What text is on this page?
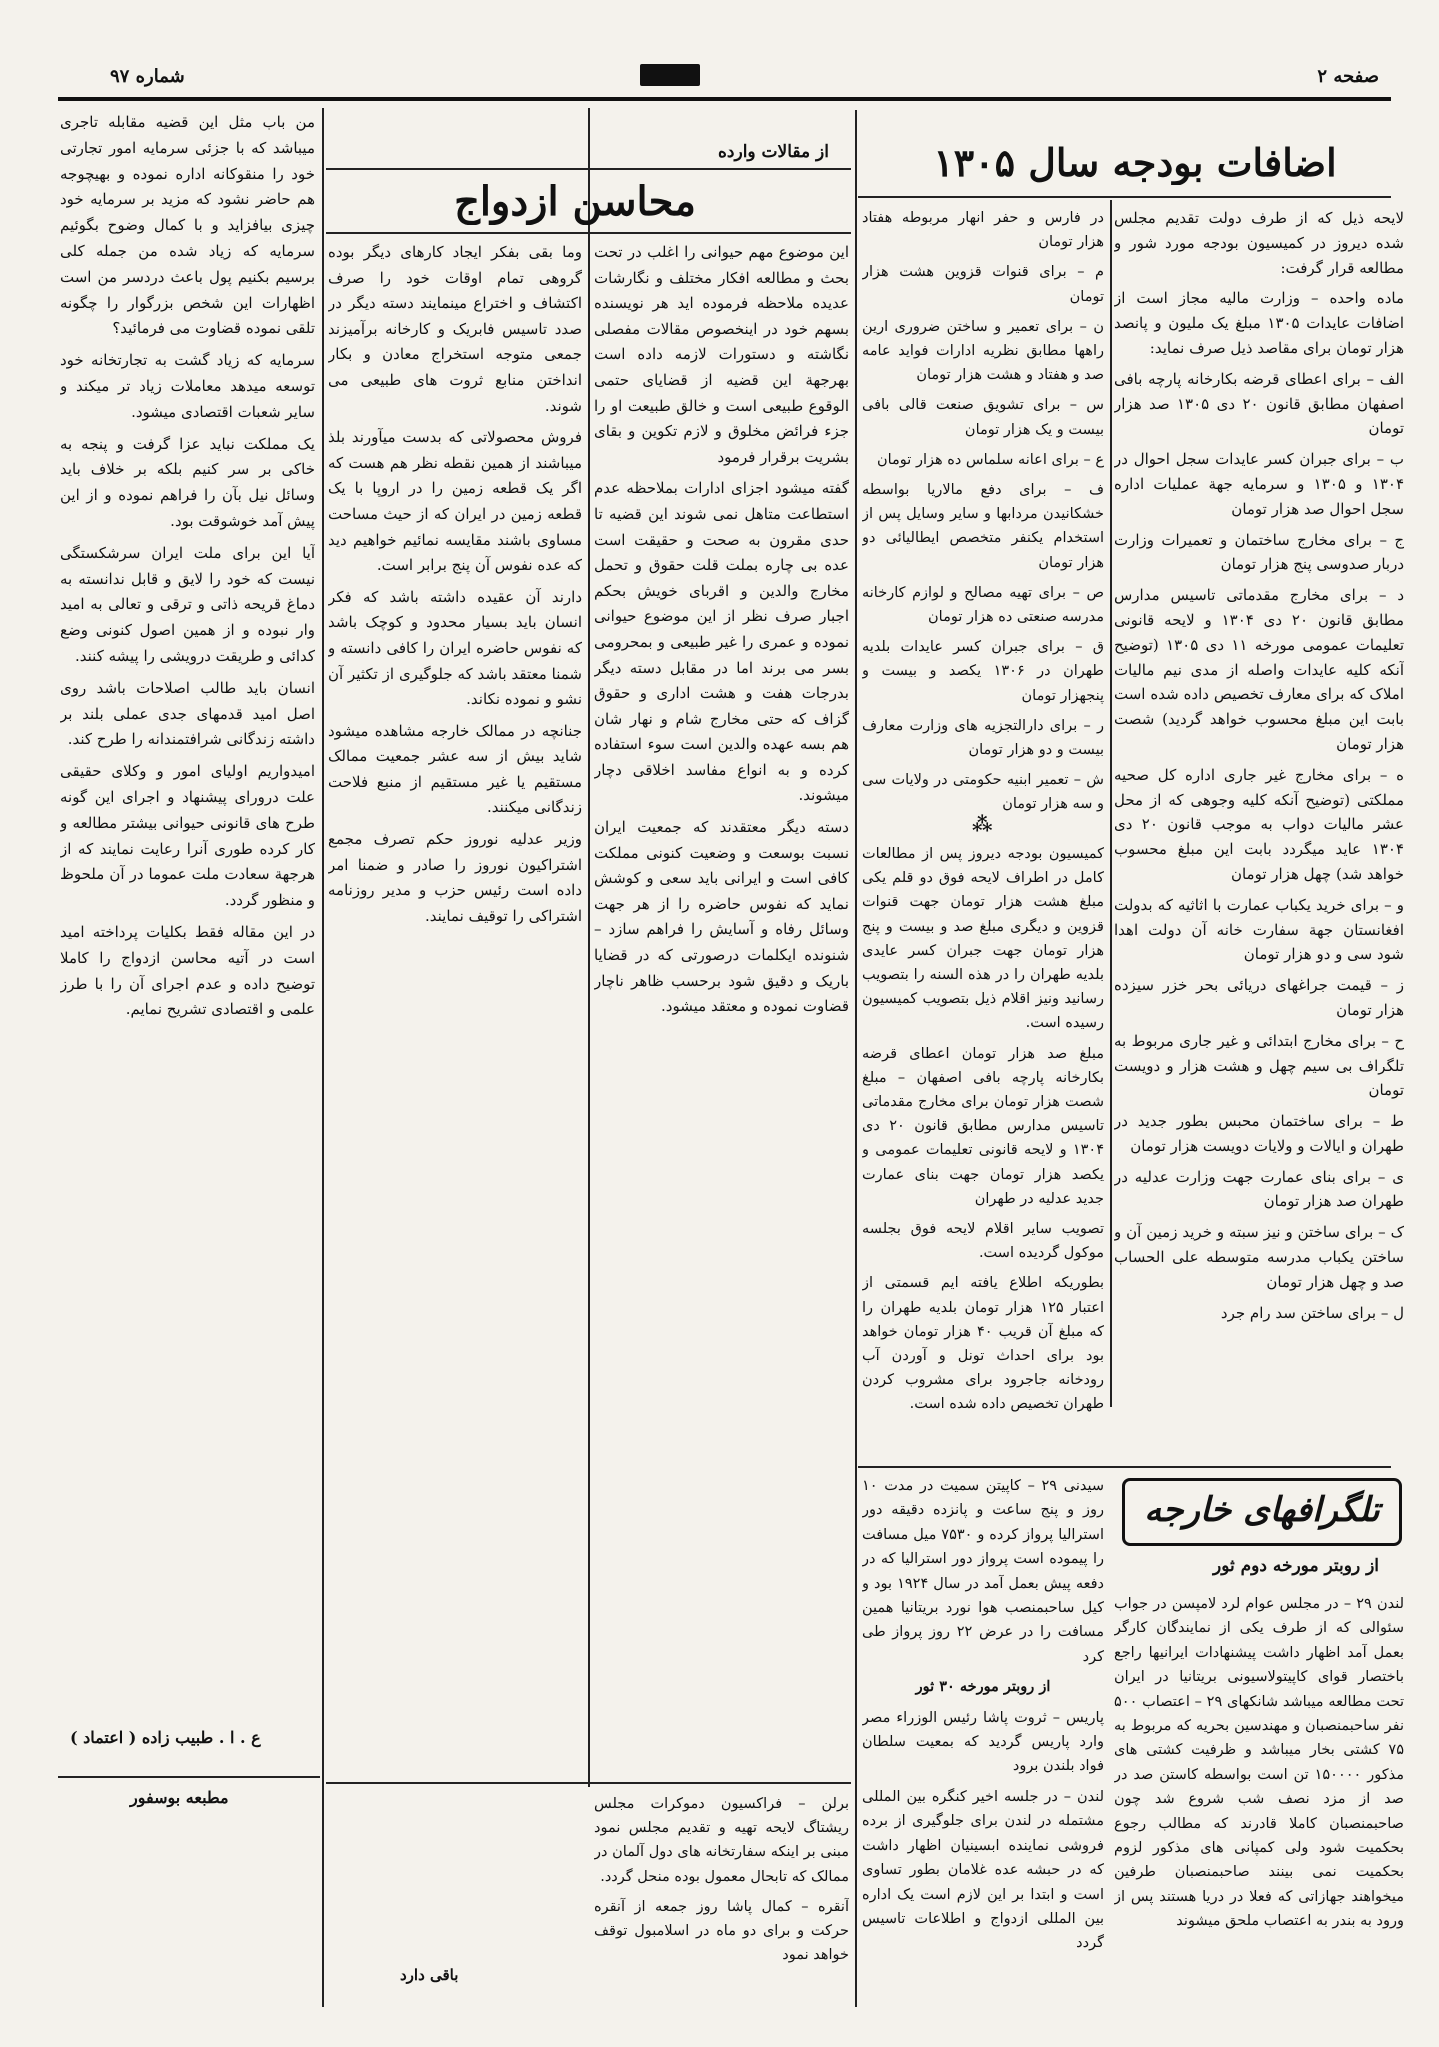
صفحه ۲
شماره ۹۷
اضافات بودجه سال ۱۳۰۵

لایحه ذیل که از طرف دولت تقدیم مجلس شده دیروز در کمیسیون بودجه مورد شور و مطالعه قرار گرفت:

ماده واحده – وزارت مالیه مجاز است از اضافات عایدات ۱۳۰۵ مبلغ یک ملیون و پانصد هزار تومان برای مقاصد ذیل صرف نماید:

الف – برای اعطای قرضه بکارخانه پارچه بافی اصفهان مطابق قانون ۲۰ دی ۱۳۰۵ صد هزار تومان

ب – برای جبران کسر عایدات سجل احوال در ۱۳۰۴ و ۱۳۰۵ و سرمایه جهة عملیات اداره سجل احوال صد هزار تومان

ج – برای مخارج ساختمان و تعمیرات وزارت دربار صدوسی پنج هزار تومان

د – برای مخارج مقدماتی تاسیس مدارس مطابق قانون ۲۰ دی ۱۳۰۴ و لایحه قانونی تعلیمات عمومی مورخه ۱۱ دی ۱۳۰۵ (توضیح آنکه کلیه عایدات واصله از مدی نیم مالیات املاک که برای معارف تخصیص داده شده است بابت این مبلغ محسوب خواهد گردید) شصت هزار تومان

ه – برای مخارج غیر جاری اداره کل صحیه مملکتی (توضیح آنکه کلیه وجوهی که از محل عشر مالیات دواب به موجب قانون ۲۰ دی ۱۳۰۴ عاید میگردد بابت این مبلغ محسوب خواهد شد) چهل هزار تومان

و – برای خرید یکباب عمارت با اثاثیه که بدولت افغانستان جهة سفارت خانه آن دولت اهدا شود سی و دو هزار تومان

ز – قیمت جراغهای دریائی بحر خزر سیزده هزار تومان

ح – برای مخارج ابتدائی و غیر جاری مربوط به تلگراف بی سیم چهل و هشت هزار و دویست تومان

ط – برای ساختمان محبس بطور جدید در طهران و ایالات و ولایات دویست هزار تومان

ی – برای بنای عمارت جهت وزارت عدلیه در طهران صد هزار تومان

ک – برای ساختن و نیز سبته و خرید زمین آن و ساختن یکباب مدرسه متوسطه علی الحساب صد و چهل هزار تومان

ل – برای ساختن سد رام جرد

در فارس و حفر انهار مربوطه هفتاد هزار تومان

م – برای قنوات قزوین هشت هزار تومان

ن – برای تعمیر و ساختن ضروری ارین راهها مطابق نظریه ادارات فواید عامه صد و هفتاد و هشت هزار تومان

س – برای تشویق صنعت قالی بافی بیست و یک هزار تومان

ع – برای اعانه سلماس ده هزار تومان

ف – برای دفع مالاریا بواسطه خشکانیدن مردابها و سایر وسایل پس از استخدام یکنفر متخصص ایطالیائی دو هزار تومان

ص – برای تهیه مصالح و لوازم کارخانه مدرسه صنعتی ده هزار تومان

ق – برای جبران کسر عایدات بلدیه طهران در ۱۳۰۶ یکصد و بیست و پنجهزار تومان

ر – برای دارالتجزیه های وزارت معارف بیست و دو هزار تومان

ش – تعمیر ابنیه حکومتی در ولایات سی و سه هزار تومان

⁂

کمیسیون بودجه دیروز پس از مطالعات کامل در اطراف لایحه فوق دو قلم یکی مبلغ هشت هزار تومان جهت قنوات قزوین و دیگری مبلغ صد و بیست و پنج هزار تومان جهت جبران کسر عایدی بلدیه طهران را در هذه السنه را بتصویب رسانید ونیز اقلام ذیل بتصویب کمیسیون رسیده است.

مبلغ صد هزار تومان اعطای قرضه بکارخانه پارچه بافی اصفهان – مبلغ شصت هزار تومان برای مخارج مقدماتی تاسیس مدارس مطابق قانون ۲۰ دی ۱۳۰۴ و لایحه قانونی تعلیمات عمومی و یکصد هزار تومان جهت بنای عمارت جدید عدلیه در طهران

تصویب سایر اقلام لایحه فوق بجلسه موکول گردیده است.

بطوریکه اطلاع یافته ایم قسمتی از اعتبار ۱۲۵ هزار تومان بلدیه طهران را که مبلغ آن قریب ۴۰ هزار تومان خواهد بود برای احداث تونل و آوردن آب رودخانه جاجرود برای مشروب کردن طهران تخصیص داده شده است.

تلگرافهای خارجه
از روبتر مورخه دوم ثور

لندن ۲۹ – در مجلس عوام لرد لامپسن در جواب سئوالی که از طرف یکی از نمایندگان کارگر بعمل آمد اظهار داشت پیشنهادات ایرانیها راجع باختصار قوای کاپیتولاسیونی بریتانیا در ایران تحت مطالعه میباشد شانکهای ۲۹ – اعتصاب ۵۰۰ نفر ساحبمنصبان و مهندسین بحریه که مربوط به ۷۵ کشتی بخار میباشد و ظرفیت کشتی های مذکور ۱۵۰۰۰۰ تن است بواسطه کاستن صد در صد از مزد نصف شب شروع شد چون صاحبمنصبان کاملا قادرند که مطالب رجوع بحکمیت شود ولی کمپانی های مذکور لزوم بحکمیت نمی بینند صاحبمنصبان طرفین میخواهند جهازاتی که فعلا در دریا هستند پس از ورود به بندر به اعتصاب ملحق میشوند

سیدنی ۲۹ – کاپیتن سمیت در مدت ۱۰ روز و پنج ساعت و پانزده دقیقه دور استرالیا پرواز کرده و ۷۵۳۰ میل مسافت را پیموده است پرواز دور استرالیا که در دفعه پیش بعمل آمد در سال ۱۹۲۴ بود و کیل ساحبمنصب هوا نورد بریتانیا همین مسافت را در عرض ۲۲ روز پرواز طی کرد

از روبتر مورخه ۳۰ ثور

پاریس – ثروت پاشا رئیس الوزراء مصر وارد پاریس گردید که بمعیت سلطان فواد بلندن برود

لندن – در جلسه اخیر کنگره بین المللی مشتمله در لندن برای جلوگیری از برده فروشی نماینده ابسینیان اظهار داشت که در حبشه عده غلامان بطور تساوی است و ابتدا بر این لازم است یک اداره بین المللی ازدواج و اطلاعات تاسیس گردد

از مقالات وارده
محاسن ازدواج

این موضوع مهم حیوانی را اغلب در تحت بحث و مطالعه افکار مختلف و نگارشات عدیده ملاحظه فرموده اید هر نویسنده بسهم خود در اینخصوص مقالات مفصلی نگاشته و دستورات لازمه داده است بهرجهة این قضیه از قضایای حتمی الوقوع طبیعی است و خالق طبیعت او را جزء فرائض مخلوق و لازم تکوین و بقای بشریت برقرار فرمود

گفته میشود اجزای ادارات بملاحظه عدم استطاعت متاهل نمی شوند این قضیه تا حدی مقرون به صحت و حقیقت است عده بی چاره بملت قلت حقوق و تحمل مخارج والدین و اقربای خویش بحکم اجبار صرف نظر از این موضوع حیوانی نموده و عمری را غیر طبیعی و بمحرومی بسر می برند اما در مقابل دسته دیگر بدرجات هفت و هشت اداری و حقوق گزاف که حتی مخارج شام و نهار شان هم بسه عهده والدین است سوء استفاده کرده و به انواع مفاسد اخلاقی دچار میشوند.

دسته دیگر معتقدند که جمعیت ایران نسبت بوسعت و وضعیت کنونی مملکت کافی است و ایرانی باید سعی و کوشش نماید که نفوس حاضره را از هر جهت وسائل رفاه و آسایش را فراهم سازد – شنونده ایکلمات درصورتی که در قضایا باریک و دقیق شود برحسب ظاهر ناچار قضاوت نموده و معتقد میشود.

وما بقی بفکر ایجاد کارهای دیگر بوده گروهی تمام اوقات خود را صرف اکتشاف و اختراع مینمایند دسته دیگر در صدد تاسیس فابریک و کارخانه برآمیزند جمعی متوجه استخراج معادن و بکار انداختن منابع ثروت های طبیعی می شوند.

فروش محصولاتی که بدست میآورند بلذ میباشند از همین نقطه نظر هم هست که اگر یک قطعه زمین را در اروپا با یک قطعه زمین در ایران که از حیث مساحت مساوی باشند مقایسه نمائیم خواهیم دید که عده نفوس آن پنج برابر است.

دارند آن عقیده داشته باشد که فکر انسان باید بسیار محدود و کوچک باشد که نفوس حاضره ایران را کافی دانسته و شمنا معتقد باشد که جلوگیری از تکثیر آن نشو و نموده نکاند.

جنانچه در ممالک خارجه مشاهده میشود شاید بیش از سه عشر جمعیت ممالک مستقیم یا غیر مستقیم از منبع فلاحت زندگانی میکنند.

وزیر عدلیه نوروز حکم تصرف مجمع اشتراکیون نوروز را صادر و ضمنا امر داده است رئیس حزب و مدیر روزنامه اشتراکی را توقیف نمایند.

برلن – فراکسیون دموکرات مجلس ریشتاگ لایحه تهیه و تقدیم مجلس نمود مبنی بر اینکه سفارتخانه های دول آلمان در ممالک که تابحال معمول بوده منحل گردد.

آنقره – کمال پاشا روز جمعه از آنقره حرکت و برای دو ماه در اسلامبول توقف خواهد نمود

باقی دارد

من باب مثل این قضیه مقابله تاجری میباشد که با جزئی سرمایه امور تجارتی خود را منقوکانه اداره نموده و بهیچوجه هم حاضر نشود که مزید بر سرمایه خود چیزی بیافزاید و با کمال وضوح بگوئیم سرمایه که زیاد شده من جمله کلی برسیم بکنیم پول باعث دردسر من است اظهارات این شخص بزرگوار را چگونه تلقی نموده قضاوت می فرمائید؟

سرمایه که زیاد گشت به تجارتخانه خود توسعه میدهد معاملات زیاد تر میکند و سایر شعبات اقتصادی میشود.

یک مملکت نباید عزا گرفت و پنجه به خاکی بر سر کنیم بلکه بر خلاف باید وسائل نیل بآن را فراهم نموده و از این پیش آمد خوشوقت بود.

آیا این برای ملت ایران سرشکستگی نیست که خود را لایق و قابل ندانسته به دماغ قریحه ذاتی و ترقی و تعالی به امید وار نبوده و از همین اصول کنونی وضع کدائی و طریقت درویشی را پیشه کنند.

انسان باید طالب اصلاحات باشد روی اصل امید قدمهای جدی عملی بلند بر داشته زندگانی شرافتمندانه را طرح کند.

امیدواریم اولیای امور و وکلای حقیقی علت درورای پیشنهاد و اجرای این گونه طرح های قانونی حیوانی بیشتر مطالعه و کار کرده طوری آنرا رعایت نمایند که از هرجهة سعادت ملت عموما در آن ملحوظ و منظور گردد.

در این مقاله فقط بکلیات پرداخته امید است در آتیه محاسن ازدواج را کاملا توضیح داده و عدم اجرای آن را با طرز علمی و اقتصادی تشریح نمایم.

ع . ا . طبیب زاده ( اعتماد )
مطبعه بوسفور
